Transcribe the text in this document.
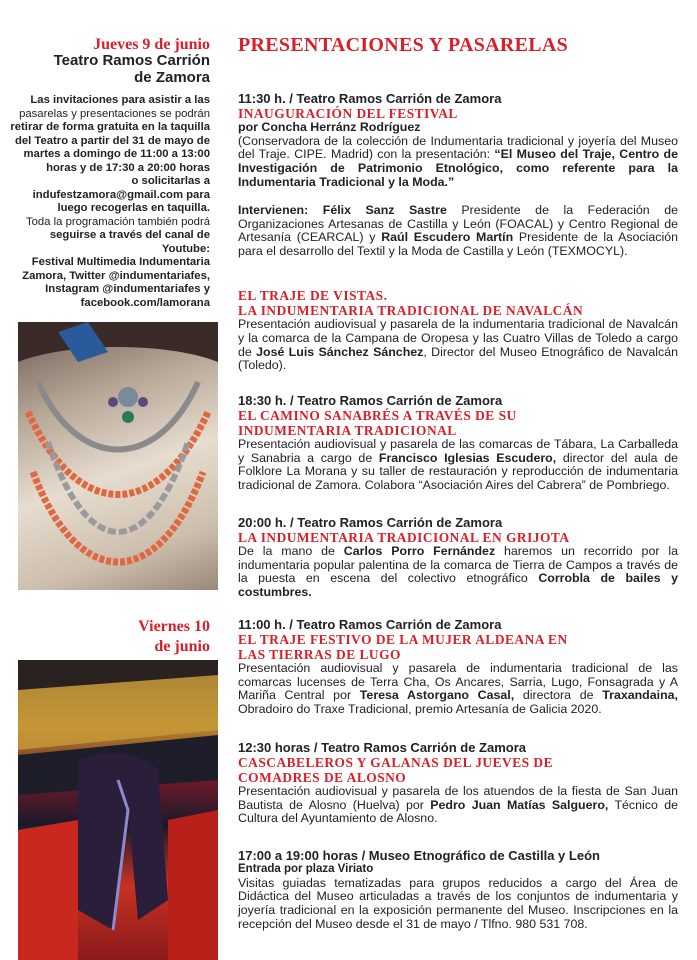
Jueves 9 de junio
Teatro Ramos Carrión
de Zamora
Las invitaciones para asistir a las
pasarelas y presentaciones se podrán
retirar de forma gratuita en la taquilla
del Teatro a partir del 31 de mayo de
martes a domingo de 11:00 a 13:00
horas y de 17:30 a 20:00 horas
o solicitarlas a
indufestzamora@gmail.com para
luego recogerlas en taquilla.
Toda la programación también podrá
seguirse a través del canal de Youtube:
Festival Multimedia Indumentaria
Zamora, Twitter @indumentariafes,
Instagram @indumentariafes y
facebook.com/lamorana
Viernes 10
de junio
PRESENTACIONES Y PASARELAS
11:30 h. / Teatro Ramos Carrión de Zamora
INAUGURACIÓN DEL FESTIVAL
por Concha Herránz Rodríguez
(Conservadora de la colección de Indumentaria tradicional y joyería del Museo del Traje. CIPE. Madrid) con la presentación: “El Museo del Traje, Centro de Investigación de Patrimonio Etnológico, como referente para la Indumentaria Tradicional y la Moda.”
Intervienen: Félix Sanz Sastre Presidente de la Federación de Organizaciones Artesanas de Castilla y León (FOACAL) y Centro Regional de Artesanía (CEARCAL) y Raúl Escudero Martín Presidente de la Asociación para el desarrollo del Textil y la Moda de Castilla y León (TEXMOCYL).
EL TRAJE DE VISTAS.
LA INDUMENTARIA TRADICIONAL DE NAVALCÁN
Presentación audiovisual y pasarela de la indumentaria tradicional de Navalcán y la comarca de la Campana de Oropesa y las Cuatro Villas de Toledo a cargo de José Luis Sánchez Sánchez, Director del Museo Etnográfico de Navalcán (Toledo).
18:30 h. / Teatro Ramos Carrión de Zamora
EL CAMINO SANABRÉS A TRAVÉS DE SU
INDUMENTARIA TRADICIONAL
Presentación audiovisual y pasarela de las comarcas de Tábara, La Carballeda y Sanabria a cargo de Francisco Iglesias Escudero, director del aula de Folklore La Morana y su taller de restauración y reproducción de indumentaria tradicional de Zamora. Colabora “Asociación Aires del Cabrera” de Pombriego.
20:00 h. / Teatro Ramos Carrión de Zamora
LA INDUMENTARIA TRADICIONAL EN GRIJOTA
De la mano de Carlos Porro Fernández haremos un recorrido por la indumentaria popular palentina de la comarca de Tierra de Campos a través de la puesta en escena del colectivo etnográfico Corrobla de bailes y costumbres.
11:00 h. / Teatro Ramos Carrión de Zamora
EL TRAJE FESTIVO DE LA MUJER ALDEANA EN
LAS TIERRAS DE LUGO
Presentación audiovisual y pasarela de indumentaria tradicional de las comarcas lucenses de Terra Cha, Os Ancares, Sarria, Lugo, Fonsagrada y A Mariña Central por Teresa Astorgano Casal, directora de Traxandaina, Obradoiro do Traxe Tradicional, premio Artesanía de Galicia 2020.
12:30 horas / Teatro Ramos Carrión de Zamora
CASCABELEROS Y GALANAS DEL JUEVES DE
COMADRES DE ALOSNO
Presentación audiovisual y pasarela de los atuendos de la fiesta de San Juan Bautista de Alosno (Huelva) por Pedro Juan Matías Salguero, Técnico de Cultura del Ayuntamiento de Alosno.
17:00 a 19:00 horas / Museo Etnográfico de Castilla y León
Entrada por plaza Viriato
Visitas guiadas tematizadas para grupos reducidos a cargo del Área de Didáctica del Museo articuladas a través de los conjuntos de indumentaria y joyería tradicional en la exposición permanente del Museo. Inscripciones en la recepción del Museo desde el 31 de mayo / Tlfno. 980 531 708.
